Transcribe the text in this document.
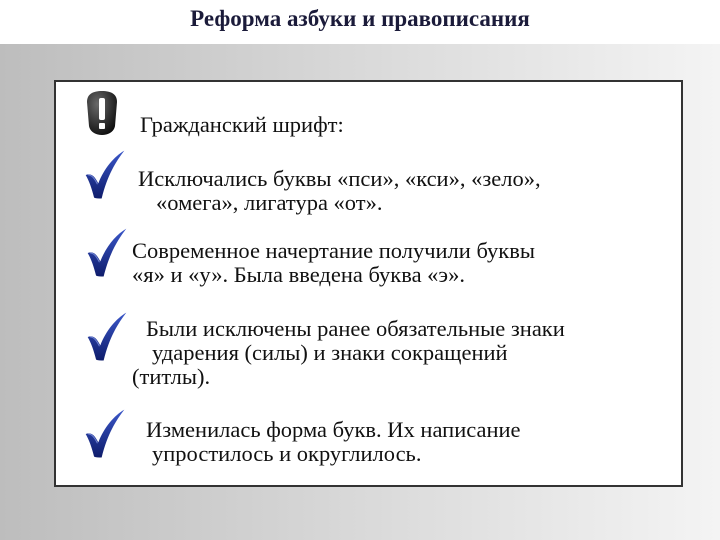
Реформа азбуки и правописания
Гражданский шрифт:
Исключались буквы «пси», «кси», «зело»,
«омега», лигатура «от».
Современное начертание получили буквы
«я» и «у». Была введена буква «э».
Были исключены ранее обязательные знаки
ударения (силы) и знаки сокращений
(титлы).
Изменилась форма букв. Их написание
упростилось и округлилось.
